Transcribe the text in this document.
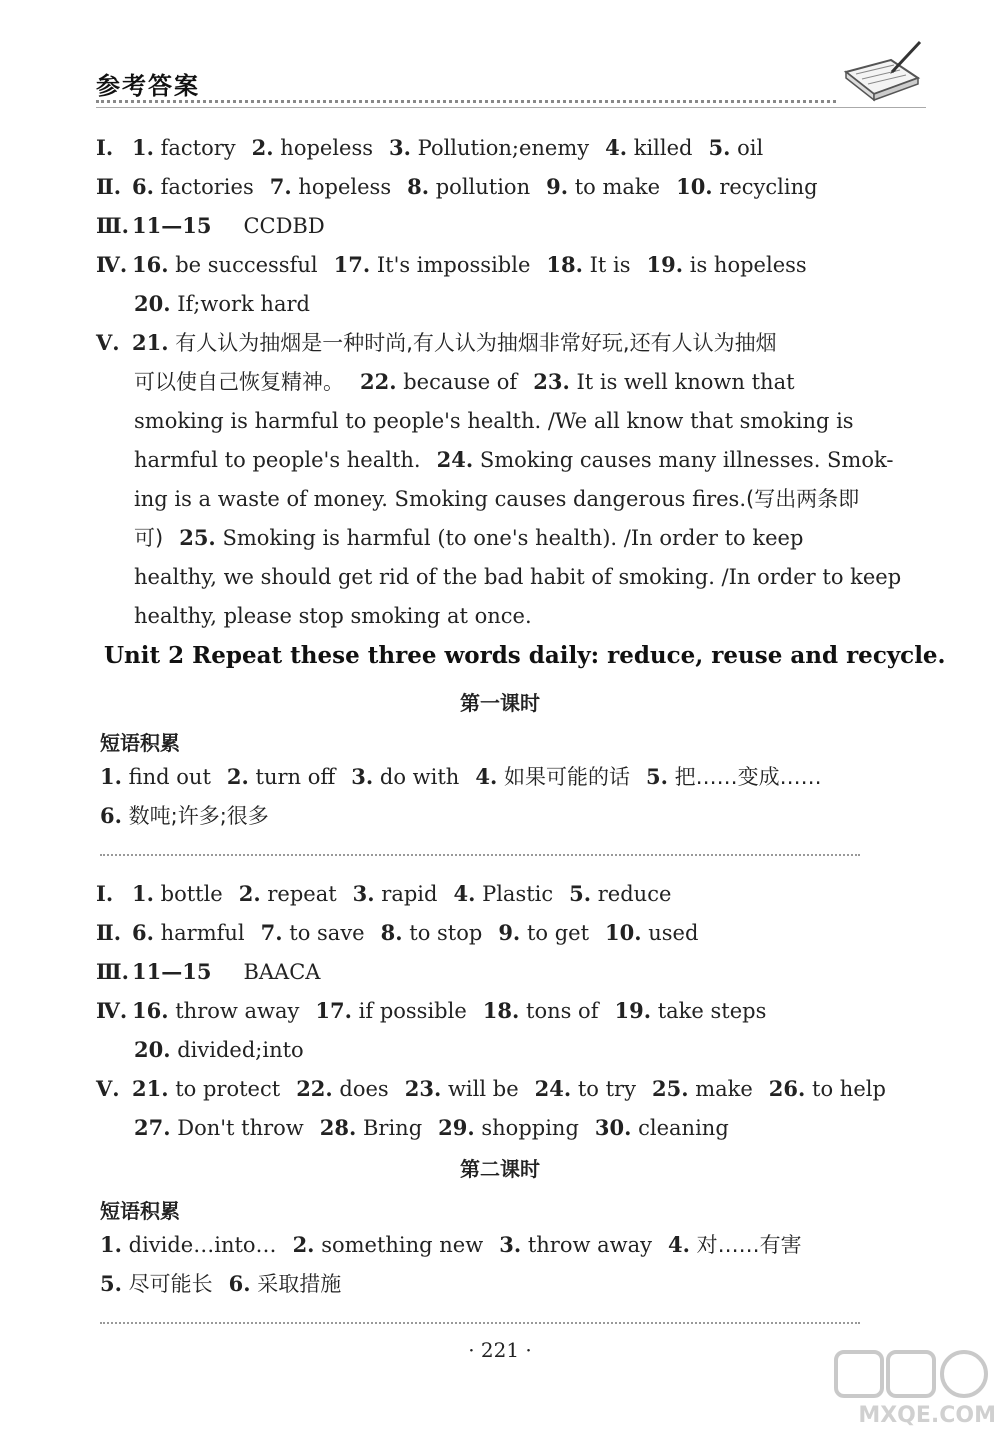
参考答案
Ⅰ. 1. factory 2. hopeless 3. Pollution;enemy 4. killed 5. oil
Ⅱ. 6. factories 7. hopeless 8. pollution 9. to make 10. recycling
Ⅲ. 11—15 CCDBD
Ⅳ. 16. be successful 17. It's impossible 18. It is 19. is hopeless
20. If;work hard
Ⅴ. 21. 有人认为抽烟是一种时尚,有人认为抽烟非常好玩,还有人认为抽烟
可以使自己恢复精神。 22. because of 23. It is well known that
smoking is harmful to people's health. /We all know that smoking is
harmful to people's health. 24. Smoking causes many illnesses. Smok-
ing is a waste of money. Smoking causes dangerous fires.(写出两条即
可) 25. Smoking is harmful (to one's health). /In order to keep
healthy, we should get rid of the bad habit of smoking. /In order to keep
healthy, please stop smoking at once.
Unit 2 Repeat these three words daily: reduce, reuse and recycle.
第一课时
短语积累
1. find out 2. turn off 3. do with 4. 如果可能的话 5. 把……变成……
6. 数吨;许多;很多
Ⅰ. 1. bottle 2. repeat 3. rapid 4. Plastic 5. reduce
Ⅱ. 6. harmful 7. to save 8. to stop 9. to get 10. used
Ⅲ. 11—15 BAACA
Ⅳ. 16. throw away 17. if possible 18. tons of 19. take steps
20. divided;into
Ⅴ. 21. to protect 22. does 23. will be 24. to try 25. make 26. to help
27. Don't throw 28. Bring 29. shopping 30. cleaning
第二课时
短语积累
1. divide…into… 2. something new 3. throw away 4. 对……有害
5. 尽可能长 6. 采取措施
· 221 ·
MXQE.COM
